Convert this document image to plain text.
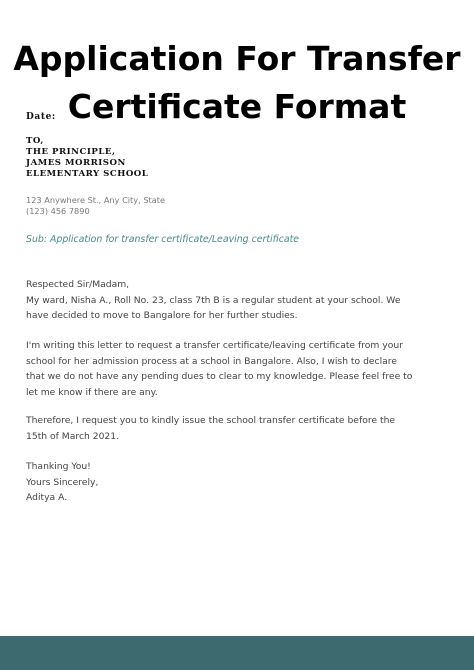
Application For Transfer
Certificate Format
Date:
TO,
THE PRINCIPLE,
JAMES MORRISON
ELEMENTARY SCHOOL
123 Anywhere St., Any City, State
(123) 456 7890
Sub: Application for transfer certificate/Leaving certificate
Respected Sir/Madam,
My ward, Nisha A., Roll No. 23, class 7th B is a regular student at your school. We
have decided to move to Bangalore for her further studies.
I'm writing this letter to request a transfer certificate/leaving certificate from your
school for her admission process at a school in Bangalore. Also, I wish to declare
that we do not have any pending dues to clear to my knowledge. Please feel free to
let me know if there are any.
Therefore, I request you to kindly issue the school transfer certificate before the
15th of March 2021.
Thanking You!
Yours Sincerely,
Aditya A.
